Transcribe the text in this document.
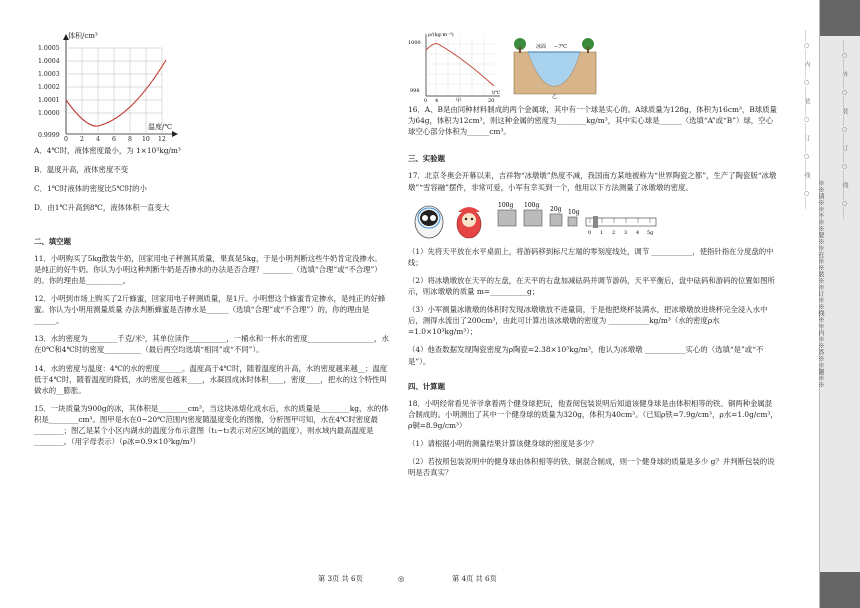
体积/cm³
温度/℃
1.0005
1.0004
1.0003
1.0002
1.0001
1.0000
0.9999
0 2 4 6 8 10 12

A．4℃时，液体密度最小，为 1×10³kg/m³

B．温度升高，液体密度不变

C．1℃时液体的密度比5℃时的小

D．由1℃升高到8℃，液体体积一直变大

二、填空题

11．小明购买了5kg散装牛奶，回家用电子秤测其质量，果真是5kg，于是小明判断这些牛奶肯定没掺水。是纯正的好牛奶。你认为小明这种判断牛奶是否掺水的办法是否合理？________（选填“合理”或“不合理”）的。你的理由是__________。

12．小明到市场上购买了2斤蜂蜜，回家用电子秤测质量，是1斤。小明想这个蜂蜜肯定掺水，是纯正的好蜂蜜。你认为小明用测量质量 办法判断蜂蜜是否掺水是______（选填“合理”或“不合理”）的，你的理由是______。

13．水的密度为________千克/米³，其单位读作__________，一桶水和一杯水的密度__________________，水在0℃和4℃时的密度__________（最后两空均选填“相同”或“不同”）。

14．水的密度与温度：4℃的水的密度______。温度高于4℃时，随着温度的升高，水的密度越来越__；温度低于4℃时，随着温度的降低，水的密度也越来____，水凝固成冰时体积____，密度____，把水的这个特性叫做水的__膨胀。

15．一块质量为900g的冰，其体积是________cm³，当这块冰熔化成水后，水的质量是________kg，水的体积是________cm³。图甲是水在0~20℃范围内密度随温度变化的图像，分析图甲可知，水在4℃时密度最________；图乙是某个小区内湖水的温度分布示意图（t₁~t₅表示对应区域的温度），则水域内最高温度是________。（用字母表示）（ρ冰=0.9×10³kg/m³）

ρ/(kg·m⁻³)
1000
998
0 4	20
t/℃
甲
冰面 −7℃
乙

16．A、B是由同种材料制成的两个金属球，其中有一个球是实心的。A球质量为128g，体积为16cm³，B球质量为64g，体积为12cm³，则这种金属的密度为________kg/m³，其中实心球是______（选填“A”或“B”）球，空心球空心部分体积为______cm³。

三、实验题

17．北京冬奥会开幕以来，吉祥物“冰墩墩”热度不减，我国南方某地被称为“世界陶瓷之都”，生产了陶瓷版“冰墩墩”“雪容融”摆件，非常可爱，小军有幸买到一个，他用以下方法测量了冰墩墩的密度。

100g 100g
20g 10g
0 1 2 3 4 5g

（1）先将天平放在水平桌面上，将游码移到标尺左端的零刻度线处，调节 ___________，使指针指在分度盘的中线；

（2）将冰墩墩放在天平的左盘，在天平的右盘加减砝码并调节游码，天平平衡后，盘中砝码和游码的位置如图所示，则冰墩墩的质量 m=__________g；

（3）小军测量冰墩墩的体积时发现冰墩墩放不进量筒，于是他把烧杯装满水，把冰墩墩放进烧杯完全浸入水中后，测得水流出了200cm³，由此可计算出该冰墩墩的密度为 ___________kg/m³（水的密度ρ水=1.0×10³kg/m³）；

（4）他查数据发现陶瓷密度为ρ陶瓷=2.38×10³kg/m³，他认为冰墩墩 ___________实心的（选填“是”或“不是”）。

四、计算题

18．小明经常看见爷爷拿着两个健身球把玩，他查阅包装说明后知道该健身球是由体积相等的铁、铜两种金属混合制成的。小明测出了其中一个健身球的质量为320g，体积为40cm³。（已知ρ铁=7.9g/cm³，ρ水=1.0g/cm³，ρ铜=8.9g/cm³）

（1）请根据小明的测量结果计算该健身球的密度是多少？

（2）若按照包装说明中的健身球由体积相等的铁、铜混合制成，则一个健身球的质量是多少 g？并判断包装的说明是否真实？

第 3页 共 6页	◎	第 4页 共 6页
……○……内……○……装……○……订……○……线……○……
※※请※※不※※要※※在※※装※※订※※线※※内※※答※※题※※
……○……外……○……装……○……订……○……线……○……
